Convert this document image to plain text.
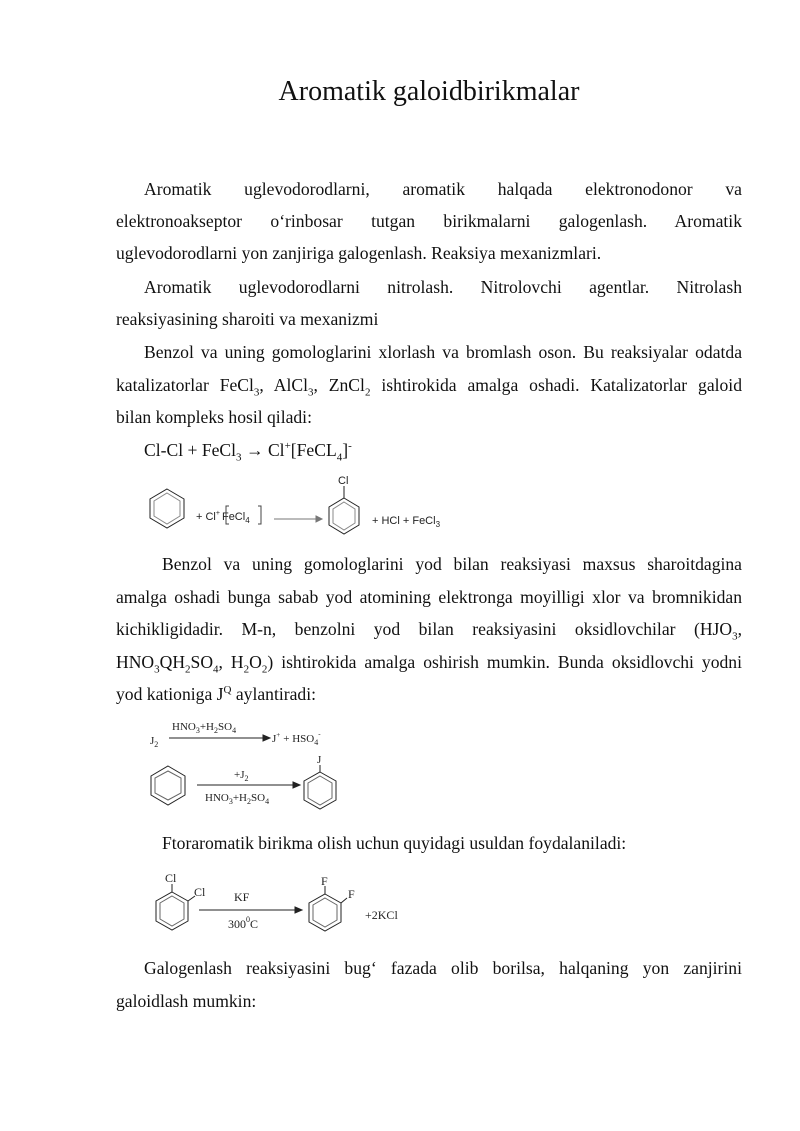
Aromatik galoidbirikmalar
Aromatik uglevodorodlarni, aromatik halqada elektronodonor va
elektronoakseptor o‘rinbosar tutgan birikmalarni galogenlash. Aromatik
uglevodorodlarni yon zanjiriga galogenlash. Reaksiya mexanizmlari.
Aromatik uglevodorodlarni nitrolash. Nitrolovchi agentlar. Nitrolash
reaksiyasining sharoiti va mexanizmi
Benzol va uning gomologlarini xlorlash va bromlash oson. Bu reaksiyalar odatda
katalizatorlar FeCl$_3$, AlCl$_3$, ZnCl$_2$ ishtirokida amalga oshadi. Katalizatorlar galoid
bilan kompleks hosil qiladi:
Cl-Cl + FeCl$_3$ → Cl+[FeCL$_4$]-
+ Cl+ FeCl$_4$
Cl
+ HCl + FeCl$_3$
Benzol va uning gomologlarini yod bilan reaksiyasi maxsus sharoitdagina
amalga oshadi bunga sabab yod atomining elektronga moyilligi xlor va bromnikidan
kichikligidadir. M-n, benzolni yod bilan reaksiyasini oksidlovchilar ($HJO_3$,
$HNO_3QH_2SO_4$, $H_2O_2$) ishtirokida amalga oshirish mumkin. Bunda oksidlovchi yodni
yod kationiga $J^Q$ aylantiradi:
$J_2$
$HNO_3+H_2SO_4$
$J^+ + HSO_4^-$
$+J_2$
$HNO_3+H_2SO_4$
J
Ftoraromatik birikma olish uchun quyidagi usuldan foydalaniladi:
Cl
Cl KF
$300^0C$
F
F
+2KCl
Galogenlash reaksiyasini bug‘ fazada olib borilsa, halqaning yon zanjirini
galoidlash mumkin:
